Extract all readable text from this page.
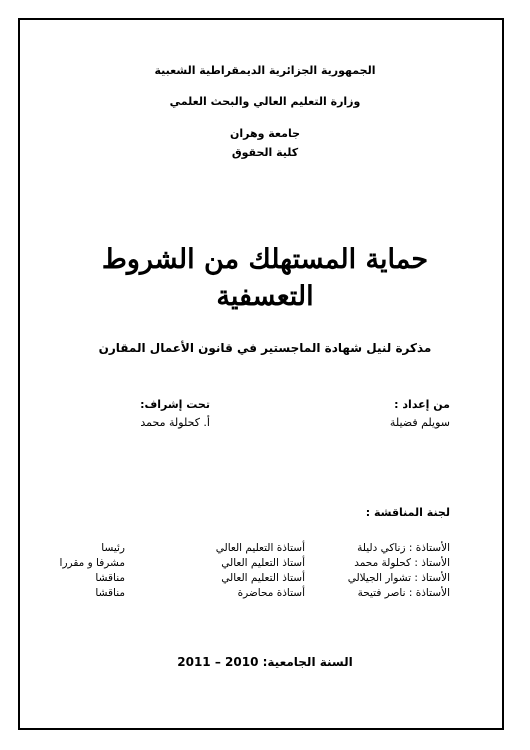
الجمهورية الجزائرية الديمقراطية الشعبية
وزارة التعليم العالي والبحث العلمي
جامعة وهران
كلية الحقوق
حماية المستهلك من الشروط
التعسفية
مذكرة لنيل شهادة الماجستير في قانون الأعمال المقارن
من إعداد :
سويلم فضيلة
تحت إشراف:
أ. كحلولة محمد
لجنة المناقشة :
الأستاذة : زناكي دليلة
أستاذة التعليم العالي
رئيسا
الأستاذ : كحلولة محمد
أستاذ التعليم العالي
مشرفا و مقررا
الأستاذ : تشوار الجيلالي
أستاذ التعليم العالي
مناقشا
الأستاذة : ناصر فتيحة
أستاذة محاضرة
مناقشا
السنة الجامعية: 2010 – 2011
